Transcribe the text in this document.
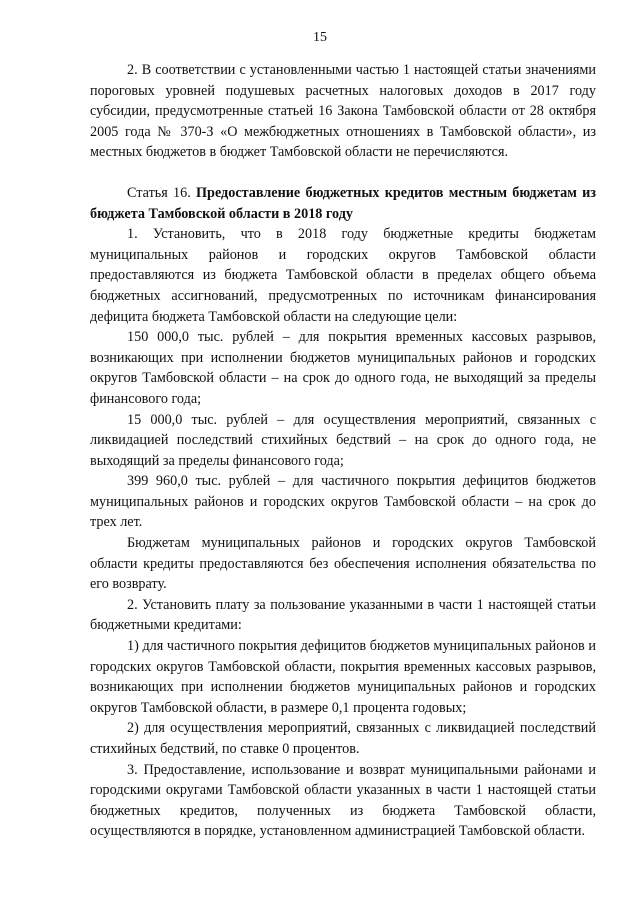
15

2. В соответствии с установленными частью 1 настоящей статьи значениями пороговых уровней подушевых расчетных налоговых доходов в 2017 году субсидии, предусмотренные статьей 16 Закона Тамбовской области от 28 октября 2005 года № 370-З «О межбюджетных отношениях в Тамбовской области», из местных бюджетов в бюджет Тамбовской области не перечисляются.

Статья 16. Предоставление бюджетных кредитов местным бюджетам из бюджета Тамбовской области в 2018 году

1. Установить, что в 2018 году бюджетные кредиты бюджетам муниципальных районов и городских округов Тамбовской области предоставляются из бюджета Тамбовской области в пределах общего объема бюджетных ассигнований, предусмотренных по источникам финансирования дефицита бюджета Тамбовской области на следующие цели:

150 000,0 тыс. рублей – для покрытия временных кассовых разрывов, возникающих при исполнении бюджетов муниципальных районов и городских округов Тамбовской области – на срок до одного года, не выходящий за пределы финансового года;

15 000,0 тыс. рублей – для осуществления мероприятий, связанных с ликвидацией последствий стихийных бедствий – на срок до одного года, не выходящий за пределы финансового года;

399 960,0 тыс. рублей – для частичного покрытия дефицитов бюджетов муниципальных районов и городских округов Тамбовской области – на срок до трех лет.

Бюджетам муниципальных районов и городских округов Тамбовской области кредиты предоставляются без обеспечения исполнения обязательства по его возврату.

2. Установить плату за пользование указанными в части 1 настоящей статьи бюджетными кредитами:

1) для частичного покрытия дефицитов бюджетов муниципальных районов и городских округов Тамбовской области, покрытия временных кассовых разрывов, возникающих при исполнении бюджетов муниципальных районов и городских округов Тамбовской области, в размере 0,1 процента годовых;

2) для осуществления мероприятий, связанных с ликвидацией последствий стихийных бедствий, по ставке 0 процентов.

3. Предоставление, использование и возврат муниципальными районами и городскими округами Тамбовской области указанных в части 1 настоящей статьи бюджетных кредитов, полученных из бюджета Тамбовской области, осуществляются в порядке, установленном администрацией Тамбовской области.
